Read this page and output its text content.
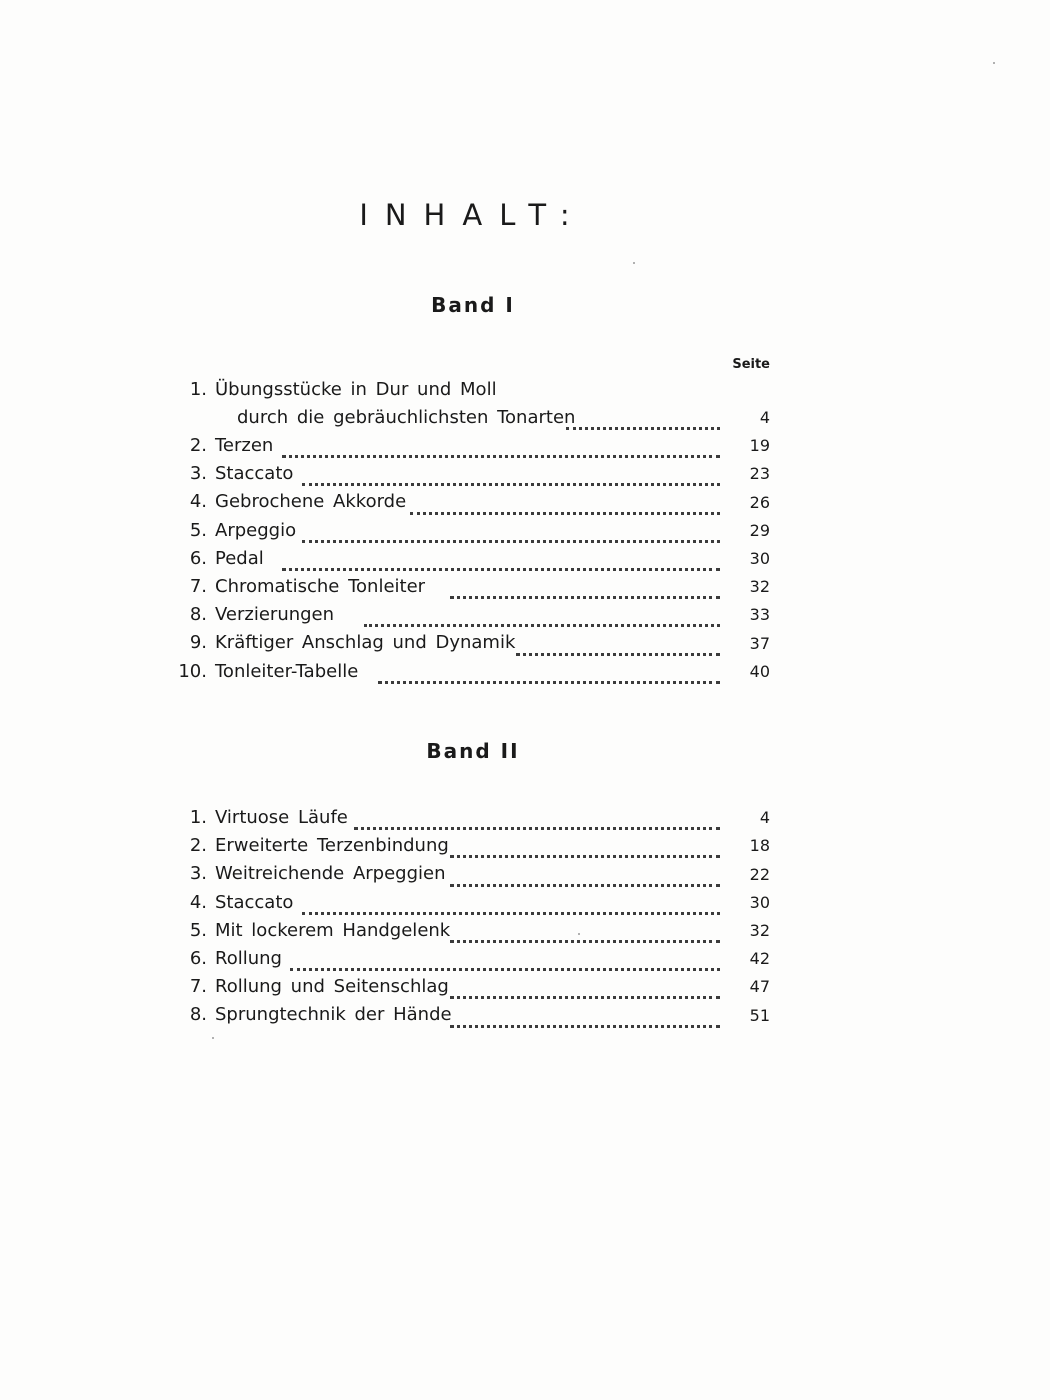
INHALT:
Band I
Seite
1. Übungsstücke in Dur und Moll
durch die gebräuchlichsten Tonarten	4
2. Terzen	19
3. Staccato	23
4. Gebrochene Akkorde	26
5. Arpeggio	29
6. Pedal	30
7. Chromatische Tonleiter	32
8. Verzierungen	33
9. Kräftiger Anschlag und Dynamik	37
10. Tonleiter-Tabelle	40
Band II
1. Virtuose Läufe	4
2. Erweiterte Terzenbindung	18
3. Weitreichende Arpeggien	22
4. Staccato	30
5. Mit lockerem Handgelenk	32
6. Rollung	42
7. Rollung und Seitenschlag	47
8. Sprungtechnik der Hände	51
